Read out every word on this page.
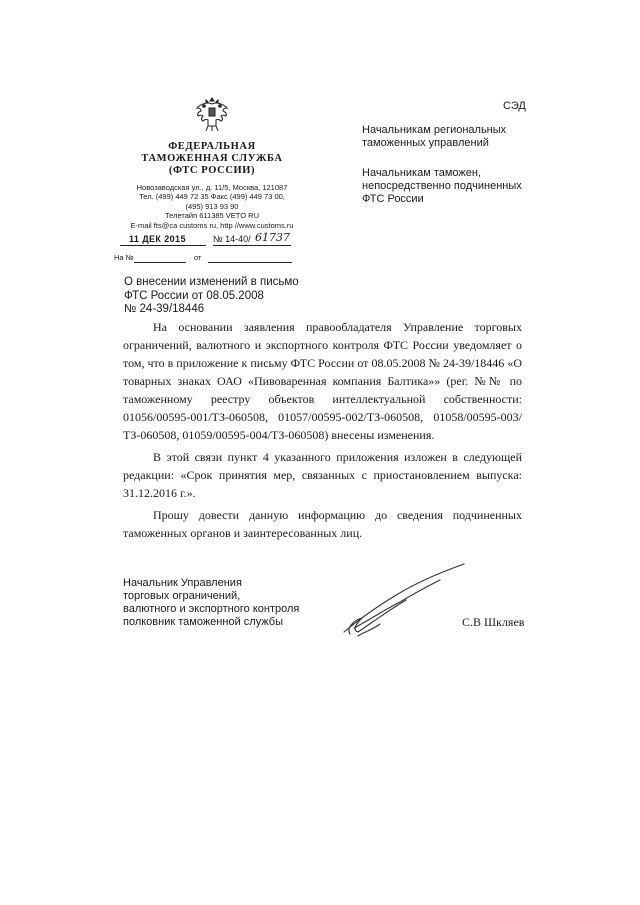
ФЕДЕРАЛЬНАЯ
ТАМОЖЕННАЯ СЛУЖБА
(ФТС РОССИИ)
Новозаводская ул., д. 11/5, Москва, 121087
Тел. (499) 449 72 35 Факс (499) 449 73 00,
(495) 913 93 90
Телетайп 611385 VETO RU
E-mail fts@ca customs ru, http //www.customs.ru
11 ДЕК 2015	№ 14-40/ 61737
На №	от
СЭД
Начальникам региональных
таможенных управлений
Начальникам таможен,
непосредственно подчиненных
ФТС России
О внесении изменений в письмо
ФТС России от 08.05.2008
№ 24-39/18446

На основании заявления правообладателя Управление торговых ограничений, валютного и экспортного контроля ФТС России уведомляет о том, что в приложение к письму ФТС России от 08.05.2008 № 24-39/18446 «О товарных знаках ОАО «Пивоваренная компания Балтика»» (рег. №№ по таможенному реестру объектов интеллектуальной собственности: 01056/00595-001/ТЗ-060508, 01057/00595-002/ТЗ-060508, 01058/00595-003/ ТЗ-060508, 01059/00595-004/ТЗ-060508) внесены изменения.

В этой связи пункт 4 указанного приложения изложен в следующей редакции: «Срок принятия мер, связанных с приостановлением выпуска: 31.12.2016 г.».

Прошу довести данную информацию до сведения подчиненных таможенных органов и заинтересованных лиц.

Начальник Управления
торговых ограничений,
валютного и экспортного контроля
полковник таможенной службы	С.В Шкляев
